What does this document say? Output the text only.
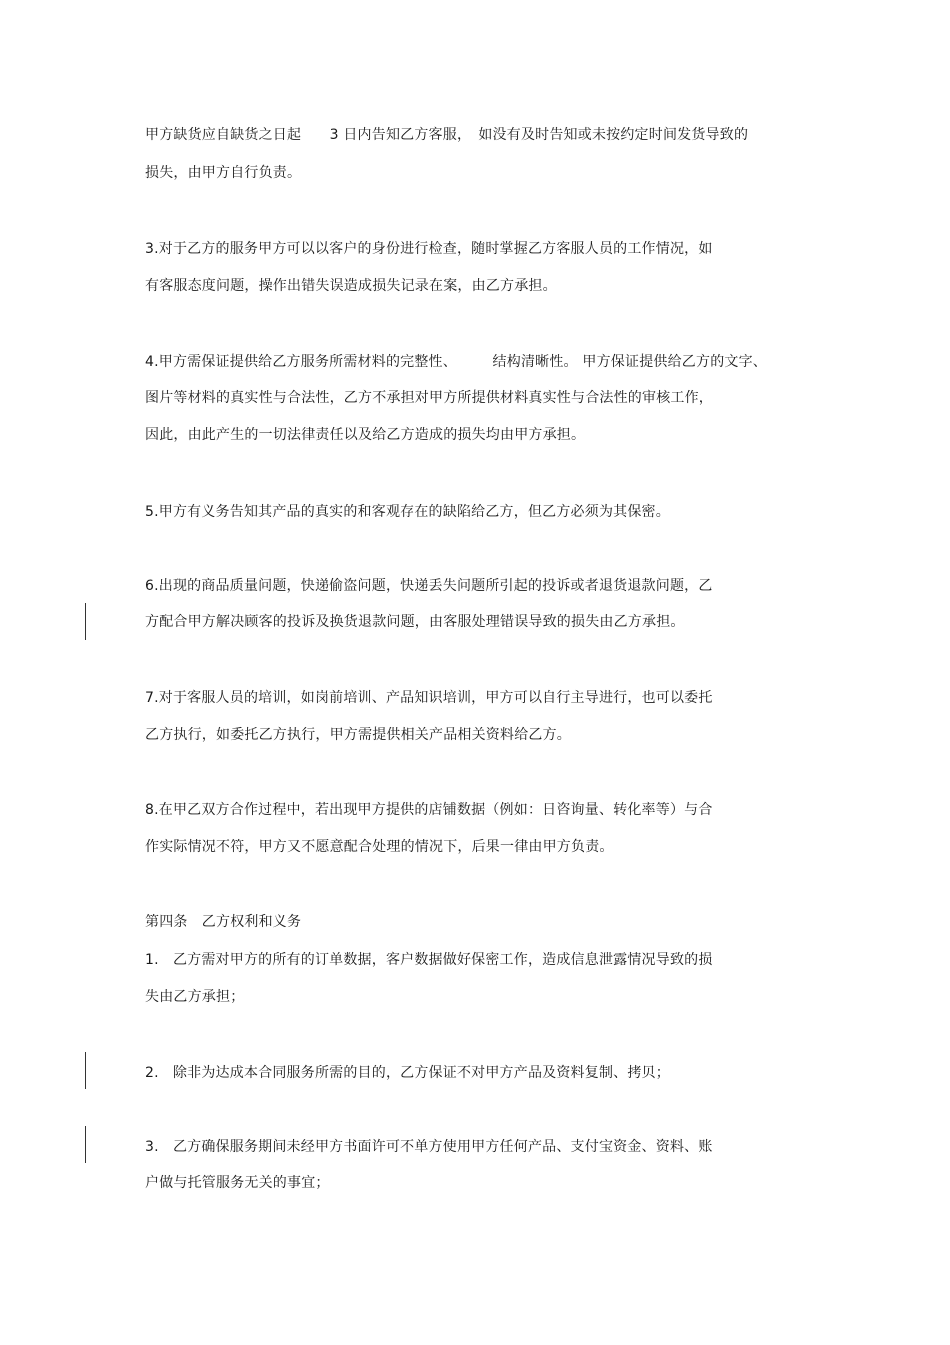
甲方缺货应自缺货之日起　　3 日内告知乙方客服，　如没有及时告知或未按约定时间发货导致的
损失，由甲方自行负责。
3.对于乙方的服务甲方可以以客户的身份进行检查，随时掌握乙方客服人员的工作情况，如
有客服态度问题，操作出错失误造成损失记录在案，由乙方承担。
4.甲方需保证提供给乙方服务所需材料的完整性、　　　结构清晰性。 甲方保证提供给乙方的文字、
图片等材料的真实性与合法性，乙方不承担对甲方所提供材料真实性与合法性的审核工作，
因此，由此产生的一切法律责任以及给乙方造成的损失均由甲方承担。
5.甲方有义务告知其产品的真实的和客观存在的缺陷给乙方，但乙方必须为其保密。
6.出现的商品质量问题，快递偷盗问题，快递丢失问题所引起的投诉或者退货退款问题，乙
方配合甲方解决顾客的投诉及换货退款问题，由客服处理错误导致的损失由乙方承担。
7.对于客服人员的培训，如岗前培训、产品知识培训，甲方可以自行主导进行，也可以委托
乙方执行，如委托乙方执行，甲方需提供相关产品相关资料给乙方。
8.在甲乙双方合作过程中，若出现甲方提供的店铺数据（例如：日咨询量、转化率等）与合
作实际情况不符，甲方又不愿意配合处理的情况下，后果一律由甲方负责。
第四条　乙方权利和义务
1.　乙方需对甲方的所有的订单数据，客户数据做好保密工作，造成信息泄露情况导致的损
失由乙方承担；
2.　除非为达成本合同服务所需的目的，乙方保证不对甲方产品及资料复制、拷贝；
3.　乙方确保服务期间未经甲方书面许可不单方使用甲方任何产品、支付宝资金、资料、账
户做与托管服务无关的事宜；
